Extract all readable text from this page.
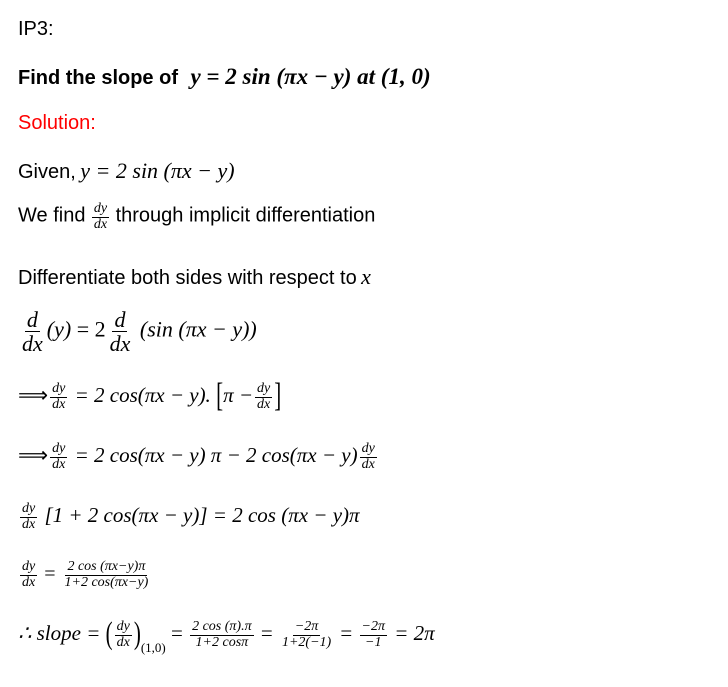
IP3:
Find the slope of y = 2 sin (πx − y) at (1, 0)
Solution:
Given, y = 2 sin (πx − y)
We find $\frac{dy}{dx}$ through implicit differentiation
Differentiate both sides with respect to x
$\frac{d}{dx} (y) = 2 \frac{d}{dx} (\sin$ (πx − y))
⟹ $\frac{dy}{dx} = 2$ cos(πx − y). [$\pi - \frac{dy}{dx}$ ]
⟹ $\frac{dy}{dx} = 2$ cos(πx − y) π − 2 $\cos(\pi x - y) \frac{dy}{dx}$
$\frac{dy}{dx} [1 + 2$ cos(πx − y)] = 2 cos (πx − y)π
$\frac{dy}{dx} = \frac{2 \cos (\pi x-y)\pi}{1+2 \cos(\pi x-y)}$
∴ slope = ( $\frac{dy}{dx} )_{(1,0)} = \frac{2 \cos (\pi).\pi}{1+2 \cos\pi} = \frac{-2\pi}{1+2(-1)} = \frac{-2\pi}{-1} = 2\pi$
